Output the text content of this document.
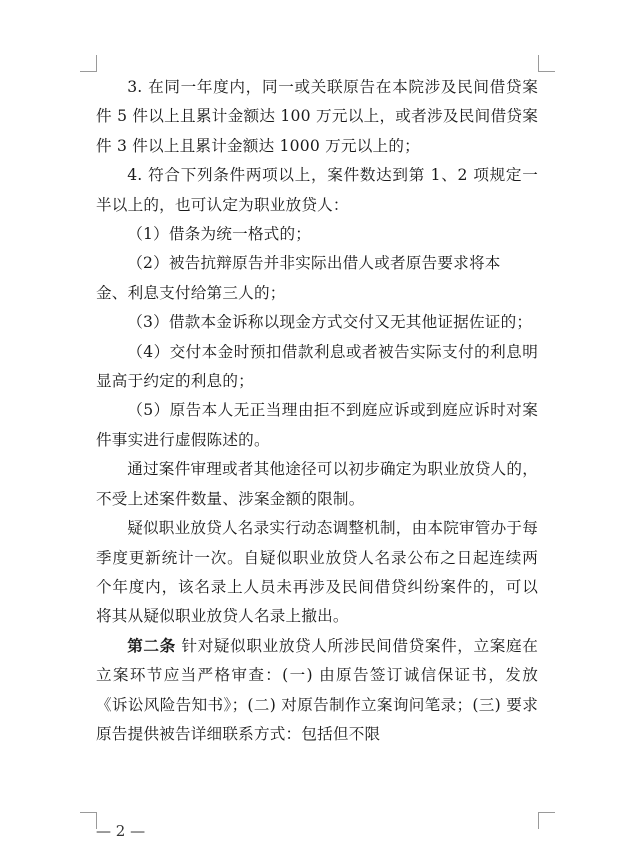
3. 在同一年度内，同一或关联原告在本院涉及民间借贷案件 5 件以上且累计金额达 100 万元以上，或者涉及民间借贷案件 3 件以上且累计金额达 1000 万元以上的；

4. 符合下列条件两项以上，案件数达到第 1、2 项规定一半以上的，也可认定为职业放贷人：

（1）借条为统一格式的；

（2）被告抗辩原告并非实际出借人或者原告要求将本

金、利息支付给第三人的；

（3）借款本金诉称以现金方式交付又无其他证据佐证的；

（4）交付本金时预扣借款利息或者被告实际支付的利息明显高于约定的利息的；

（5）原告本人无正当理由拒不到庭应诉或到庭应诉时对案件事实进行虚假陈述的。

通过案件审理或者其他途径可以初步确定为职业放贷人的，不受上述案件数量、涉案金额的限制。

疑似职业放贷人名录实行动态调整机制，由本院审管办于每季度更新统计一次。自疑似职业放贷人名录公布之日起连续两个年度内，该名录上人员未再涉及民间借贷纠纷案件的，可以将其从疑似职业放贷人名录上撤出。

第二条 针对疑似职业放贷人所涉民间借贷案件，立案庭在立案环节应当严格审查：(一) 由原告签订诚信保证书，发放《诉讼风险告知书》；(二) 对原告制作立案询问笔录；(三) 要求原告提供被告详细联系方式：包括但不限

— 2 —
